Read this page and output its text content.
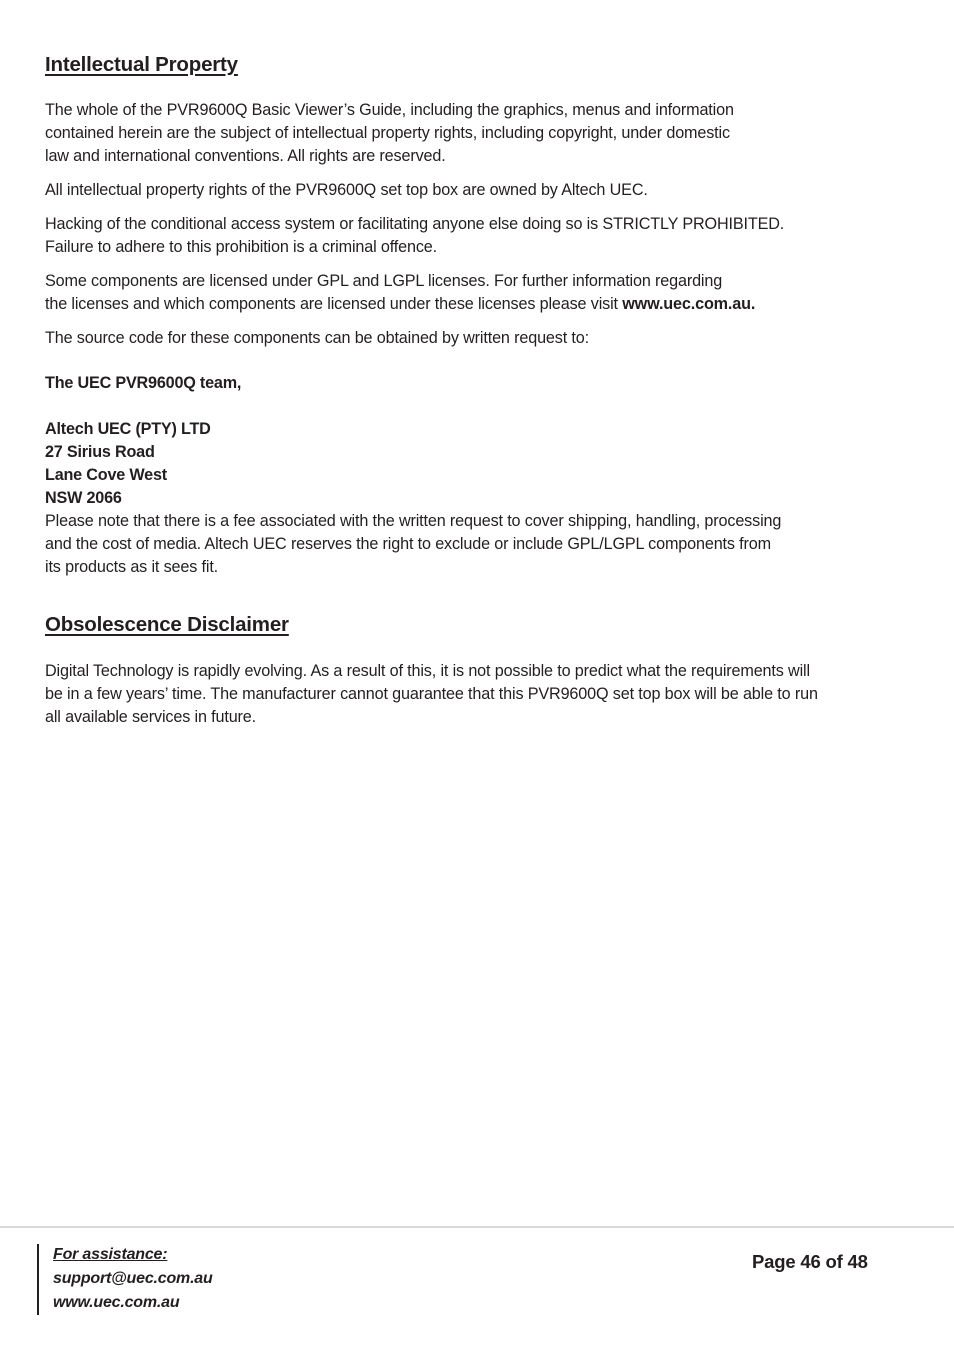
Intellectual Property

The whole of the PVR9600Q Basic Viewer’s Guide, including the graphics, menus and information
contained herein are the subject of intellectual property rights, including copyright, under domestic
law and international conventions. All rights are reserved.

All intellectual property rights of the PVR9600Q set top box are owned by Altech UEC.

Hacking of the conditional access system or facilitating anyone else doing so is STRICTLY PROHIBITED.
Failure to adhere to this prohibition is a criminal offence.

Some components are licensed under GPL and LGPL licenses. For further information regarding
the licenses and which components are licensed under these licenses please visit www.uec.com.au.

The source code for these components can be obtained by written request to:

The UEC PVR9600Q team,
Altech UEC (PTY) LTD
27 Sirius Road
Lane Cove West
NSW 2066

Please note that there is a fee associated with the written request to cover shipping, handling, processing
and the cost of media. Altech UEC reserves the right to exclude or include GPL/LGPL components from
its products as it sees fit.

Obsolescence Disclaimer

Digital Technology is rapidly evolving. As a result of this, it is not possible to predict what the requirements will
be in a few years’ time. The manufacturer cannot guarantee that this PVR9600Q set top box will be able to run
all available services in future.

For assistance:
support@uec.com.au
www.uec.com.au
Page 46 of 48
